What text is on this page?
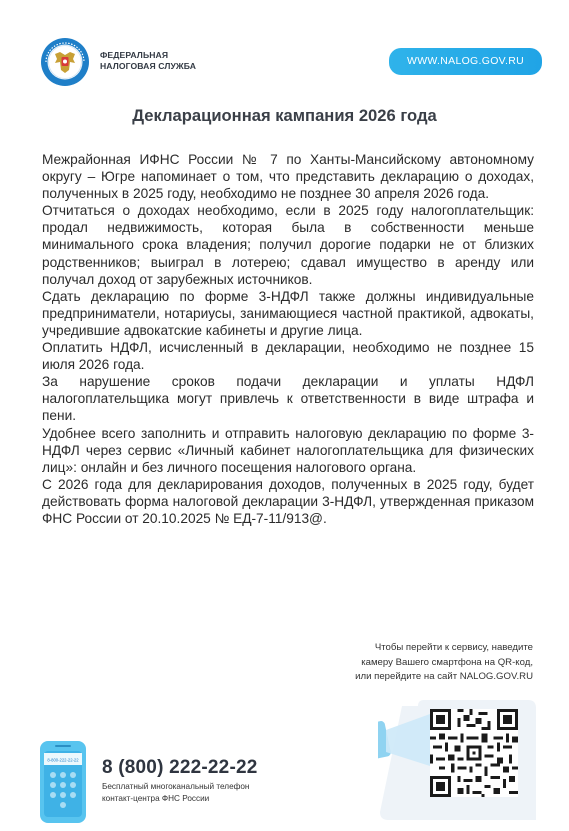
ФЕДЕРАЛЬНАЯ
НАЛОГОВАЯ СЛУЖБА	WWW.NALOG.GOV.RU
Декларационная кампания 2026 года

Межрайонная ИФНС России № 7 по Ханты-Мансийскому автономному округу – Югре напоминает о том, что представить декларацию о доходах, полученных в 2025 году, необходимо не позднее 30 апреля 2026 года.

Отчитаться о доходах необходимо, если в 2025 году налогоплательщик: продал недвижимость, которая была в собственности меньше минимального срока владения; получил дорогие подарки не от близких родственников; выиграл в лотерею; сдавал имущество в аренду или получал доход от зарубежных источников.

Сдать декларацию по форме 3-НДФЛ также должны индивидуальные предприниматели, нотариусы, занимающиеся частной практикой, адвокаты, учредившие адвокатские кабинеты и другие лица.

Оплатить НДФЛ, исчисленный в декларации, необходимо не позднее 15 июля 2026 года.

За нарушение сроков подачи декларации и уплаты НДФЛ налогоплательщика могут привлечь к ответственности в виде штрафа и пени.

Удобнее всего заполнить и отправить налоговую декларацию по форме 3-НДФЛ через сервис «Личный кабинет налогоплательщика для физических лиц»: онлайн и без личного посещения налогового органа.

С 2026 года для декларирования доходов, полученных в 2025 году, будет действовать форма налоговой декларации 3-НДФЛ, утвержденная приказом ФНС России от 20.10.2025 № ЕД-7-11/913@.

Чтобы перейти к сервису, наведите
камеру Вашего смартфона на QR-код,
или перейдите на сайт NALOG.GOV.RU
8-800-222-22-22 8 (800) 222-22-22
Бесплатный многоканальный телефон
контакт-центра ФНС России
